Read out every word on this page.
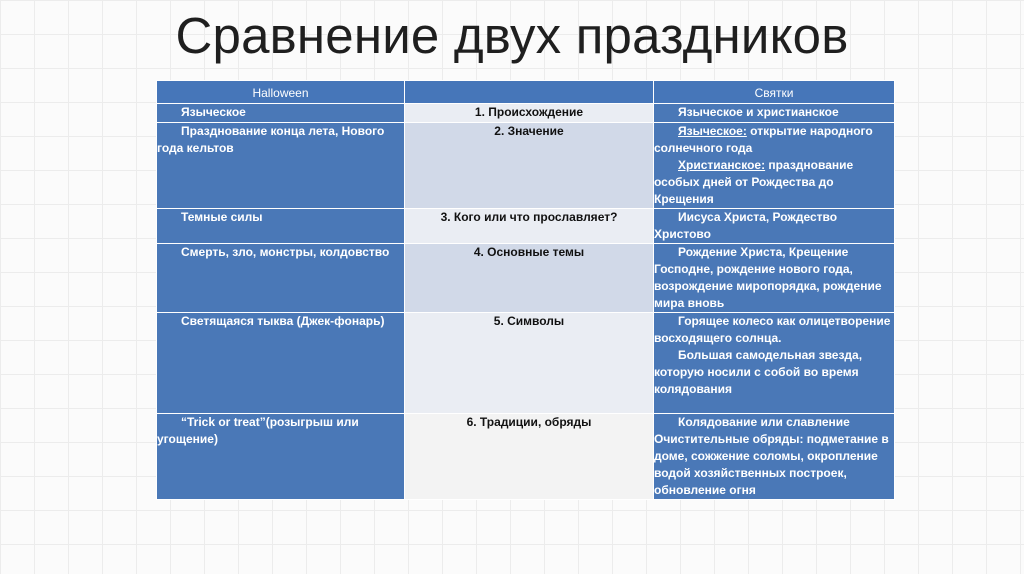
Сравнение двух праздников
Halloween		Святки

Языческое	1. Происхождение	Языческое и христианское

Празднование конца лета, Нового года кельтов	2. Значение	Языческое: открытие народного солнечного года
Христианское: празднование особых дней от Рождества до Крещения

Темные силы	3. Кого или что прославляет?	Иисуса Христа, Рождество Христово

Смерть, зло, монстры, колдовство	4. Основные темы	Рождение Христа, Крещение Господне, рождение нового года, возрождение миропорядка, рождение мира вновь

Светящаяся тыква (Джек-фонарь)	5. Символы	Горящее колесо как олицетворение восходящего солнца.
Большая самодельная звезда, которую носили с собой во время колядования

“Trick or treat”(розыгрыш или угощение)	6. Традиции, обряды	Колядование или славление Очистительные обряды: подметание в доме, сожжение соломы, окропление водой хозяйственных построек, обновление огня
